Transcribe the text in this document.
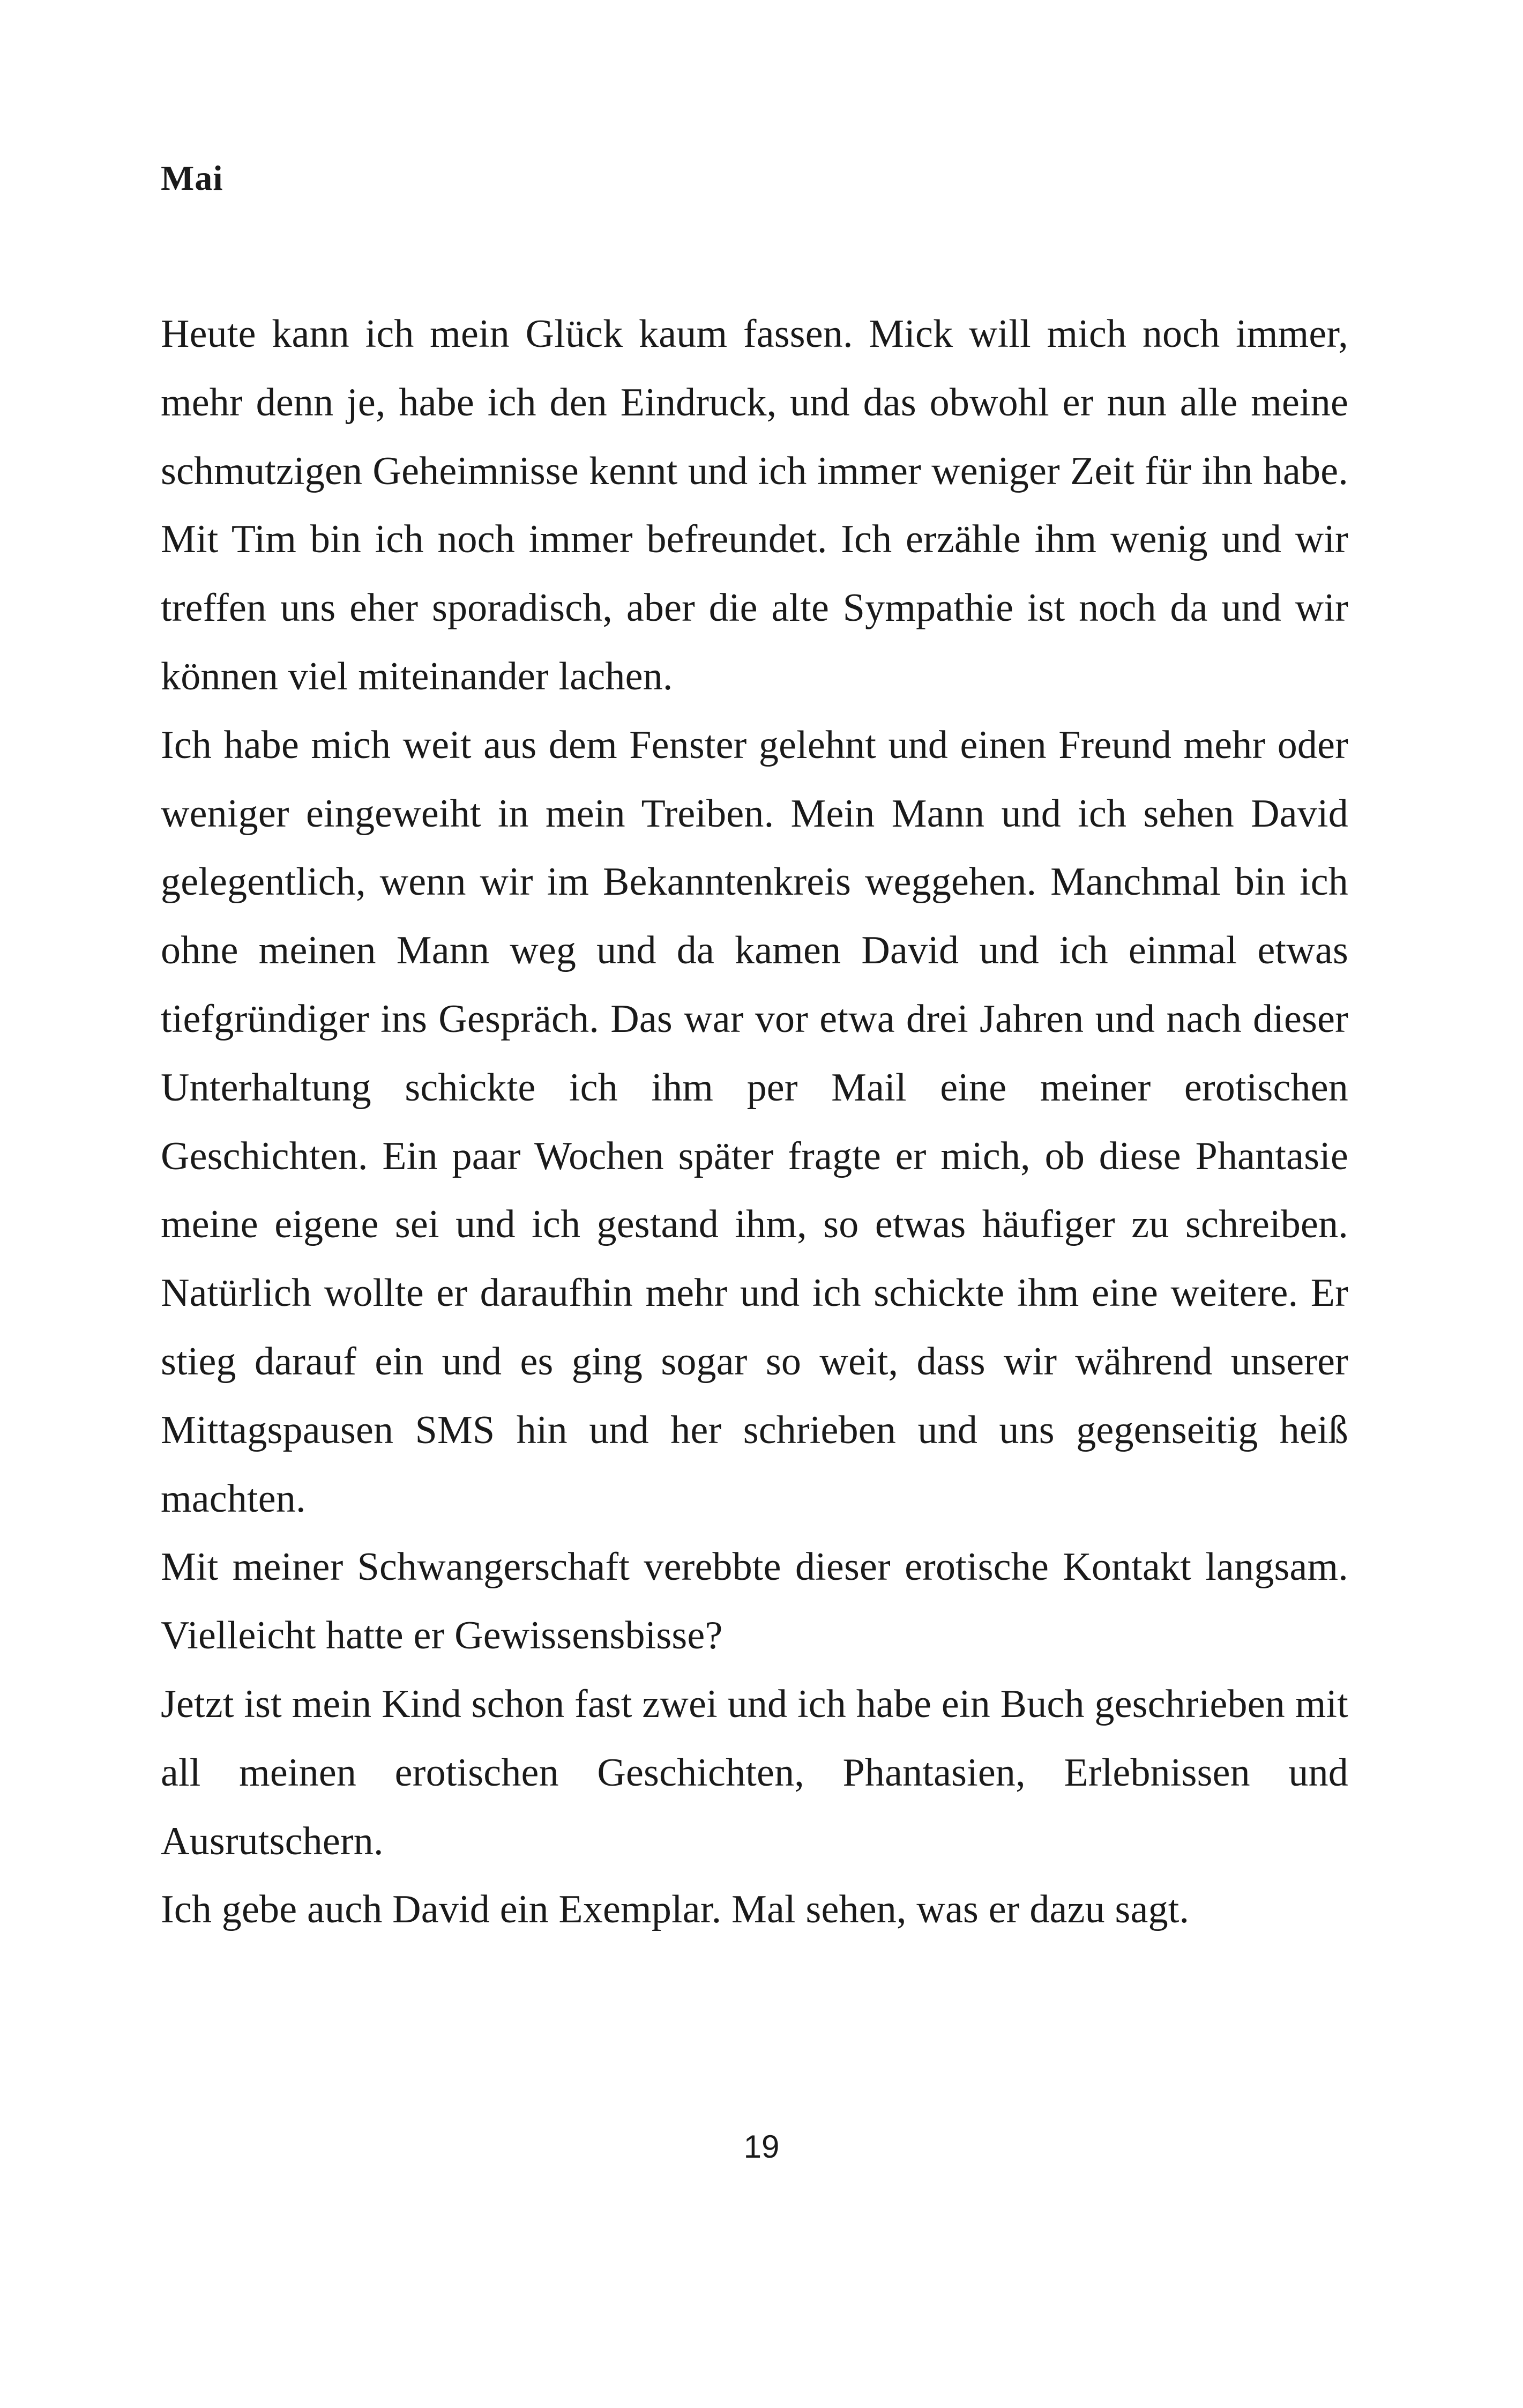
Mai

Heute kann ich mein Glück kaum fassen. Mick will mich noch immer, mehr denn je, habe ich den Eindruck, und das obwohl er nun alle meine schmutzigen Geheimnisse kennt und ich immer weniger Zeit für ihn habe. Mit Tim bin ich noch immer befreundet. Ich erzähle ihm wenig und wir treffen uns eher sporadisch, aber die alte Sympathie ist noch da und wir können viel miteinander lachen.

Ich habe mich weit aus dem Fenster gelehnt und einen Freund mehr oder weniger eingeweiht in mein Treiben. Mein Mann und ich sehen David gelegentlich, wenn wir im Bekanntenkreis weggehen. Manchmal bin ich ohne meinen Mann weg und da kamen David und ich einmal etwas tiefgründiger ins Gespräch. Das war vor etwa drei Jahren und nach dieser Unterhaltung schickte ich ihm per Mail eine meiner erotischen Geschichten. Ein paar Wochen später fragte er mich, ob diese Phantasie meine eigene sei und ich gestand ihm, so etwas häufiger zu schreiben. Natürlich wollte er daraufhin mehr und ich schickte ihm eine weitere. Er stieg darauf ein und es ging sogar so weit, dass wir während unserer Mittagspausen SMS hin und her schrieben und uns gegenseitig heiß machten.

Mit meiner Schwangerschaft verebbte dieser erotische Kontakt langsam. Vielleicht hatte er Gewissensbisse?

Jetzt ist mein Kind schon fast zwei und ich habe ein Buch geschrieben mit all meinen erotischen Geschichten, Phantasien, Erlebnissen und Ausrutschern.

Ich gebe auch David ein Exemplar. Mal sehen, was er dazu sagt.

19
